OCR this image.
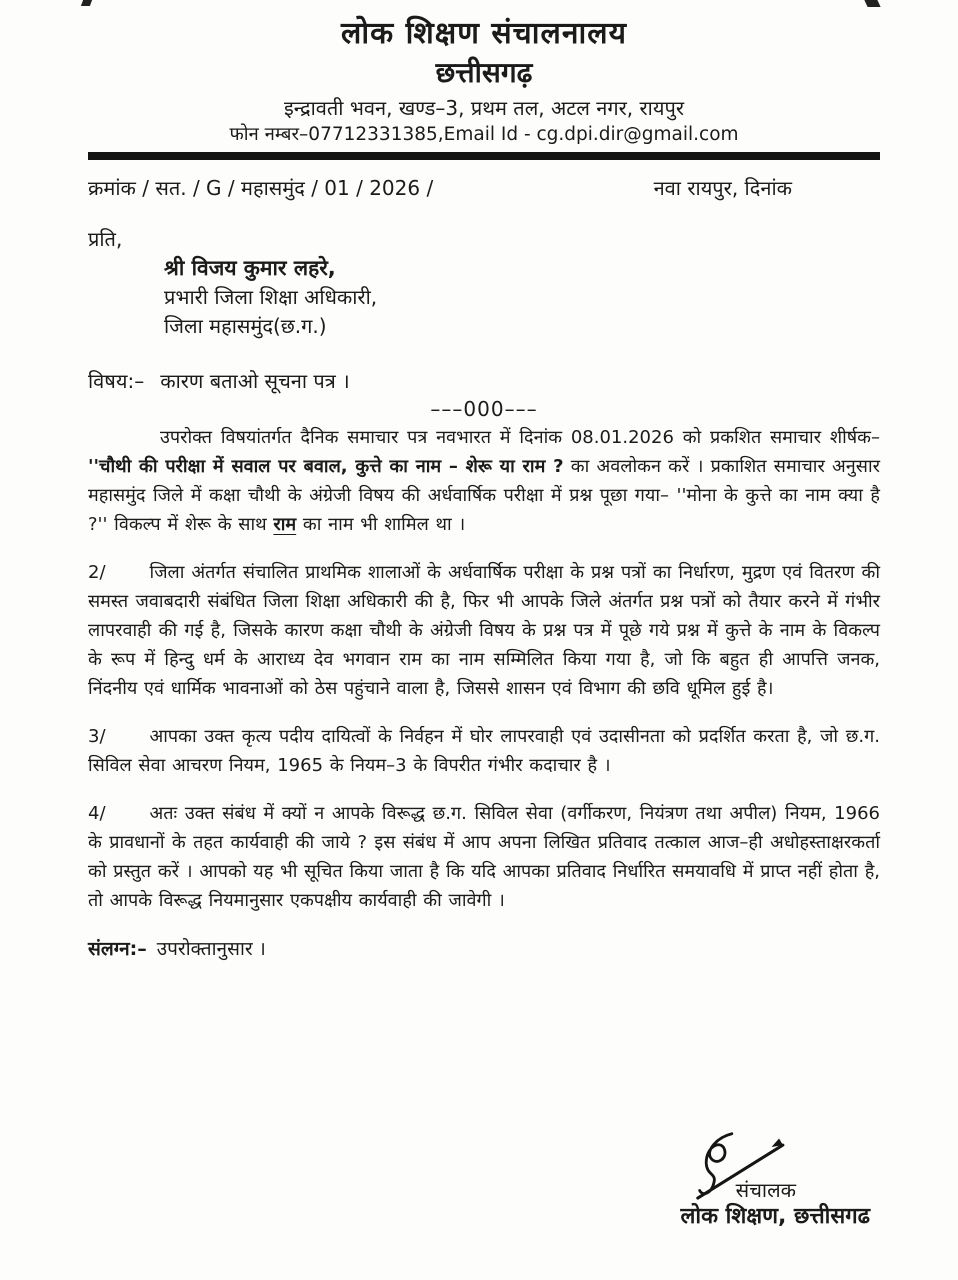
लोक शिक्षण संचालनालय
छत्तीसगढ़
इन्द्रावती भवन, खण्ड–3, प्रथम तल, अटल नगर, रायपुर
फोन नम्बर–07712331385,Email Id - cg.dpi.dir@gmail.com
क्रमांक / सत. / G / महासमुंद / 01 / 2026 /	नवा रायपुर, दिनांक
प्रति,
श्री विजय कुमार लहरे,
प्रभारी जिला शिक्षा अधिकारी,
जिला महासमुंद(छ.ग.)
विषय:– कारण बताओ सूचना पत्र ।
–––000–––

उपरोक्त विषयांतर्गत दैनिक समाचार पत्र नवभारत में दिनांक 08.01.2026 को प्रकशित समाचार शीर्षक– ''चौथी की परीक्षा में सवाल पर बवाल, कुत्ते का नाम – शेरू या राम ? का अवलोकन करें । प्रकाशित समाचार अनुसार महासमुंद जिले में कक्षा चौथी के अंग्रेजी विषय की अर्धवार्षिक परीक्षा में प्रश्न पूछा गया– ''मोना के कुत्ते का नाम क्या है ?'' विकल्प में शेरू के साथ राम का नाम भी शामिल था ।

2/ जिला अंतर्गत संचालित प्राथमिक शालाओं के अर्धवार्षिक परीक्षा के प्रश्न पत्रों का निर्धारण, मुद्रण एवं वितरण की समस्त जवाबदारी संबंधित जिला शिक्षा अधिकारी की है, फिर भी आपके जिले अंतर्गत प्रश्न पत्रों को तैयार करने में गंभीर लापरवाही की गई है, जिसके कारण कक्षा चौथी के अंग्रेजी विषय के प्रश्न पत्र में पूछे गये प्रश्न में कुत्ते के नाम के विकल्प के रूप में हिन्दु धर्म के आराध्य देव भगवान राम का नाम सम्मिलित किया गया है, जो कि बहुत ही आपत्ति जनक, निंदनीय एवं धार्मिक भावनाओं को ठेस पहुंचाने वाला है, जिससे शासन एवं विभाग की छवि धूमिल हुई है।

3/ आपका उक्त कृत्य पदीय दायित्वों के निर्वहन में घोर लापरवाही एवं उदासीनता को प्रदर्शित करता है, जो छ.ग. सिविल सेवा आचरण नियम, 1965 के नियम–3 के विपरीत गंभीर कदाचार है ।

4/ अतः उक्त संबंध में क्यों न आपके विरूद्ध छ.ग. सिविल सेवा (वर्गीकरण, नियंत्रण तथा अपील) नियम, 1966 के प्रावधानों के तहत कार्यवाही की जाये ? इस संबंध में आप अपना लिखित प्रतिवाद तत्काल आज–ही अधोहस्ताक्षरकर्ता को प्रस्तुत करें । आपको यह भी सूचित किया जाता है कि यदि आपका प्रतिवाद निर्धारित समयावधि में प्राप्त नहीं होता है, तो आपके विरूद्ध नियमानुसार एकपक्षीय कार्यवाही की जावेगी ।

संलग्न:– उपरोक्तानुसार ।
संचालक
लोक शिक्षण, छत्तीसगढ
